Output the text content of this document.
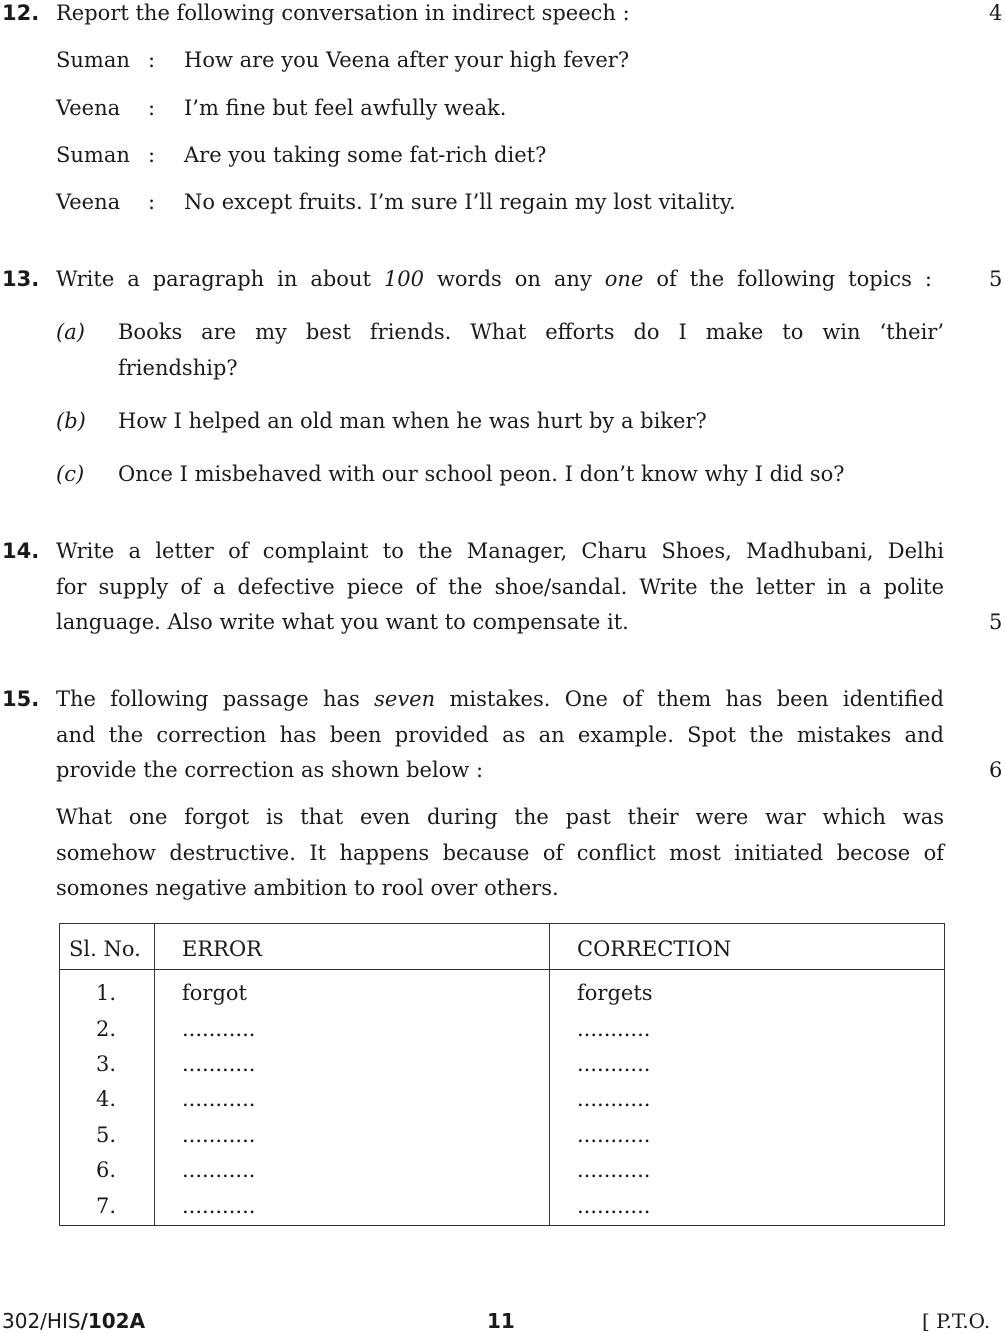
12. Report the following conversation in indirect speech :	4
Suman : How are you Veena after your high fever?
Veena : I’m fine but feel awfully weak.
Suman : Are you taking some fat-rich diet?
Veena : No except fruits. I’m sure I’ll regain my lost vitality.
13. Write a paragraph in about 100 words on any one of the following topics :	5
(a) Books are my best friends. What efforts do I make to win ‘their’
friendship?
(b) How I helped an old man when he was hurt by a biker?
(c) Once I misbehaved with our school peon. I don’t know why I did so?
14. Write a letter of complaint to the Manager, Charu Shoes, Madhubani, Delhi
for supply of a defective piece of the shoe/sandal. Write the letter in a polite
language. Also write what you want to compensate it.	5
15. The following passage has seven mistakes. One of them has been identified
and the correction has been provided as an example. Spot the mistakes and
provide the correction as shown below :	6
What one forgot is that even during the past their were war which was
somehow destructive. It happens because of conflict most initiated becose of
somones negative ambition to rool over others.
Sl. No. ERROR	CORRECTION
1.	forgot	forgets
2.	...........	...........
3.	...........	...........
4.	...........	...........
5.	...........	...........
6.	...........	...........
7.	...........	...........
302/HIS/102A	11	[ P.T.O.
